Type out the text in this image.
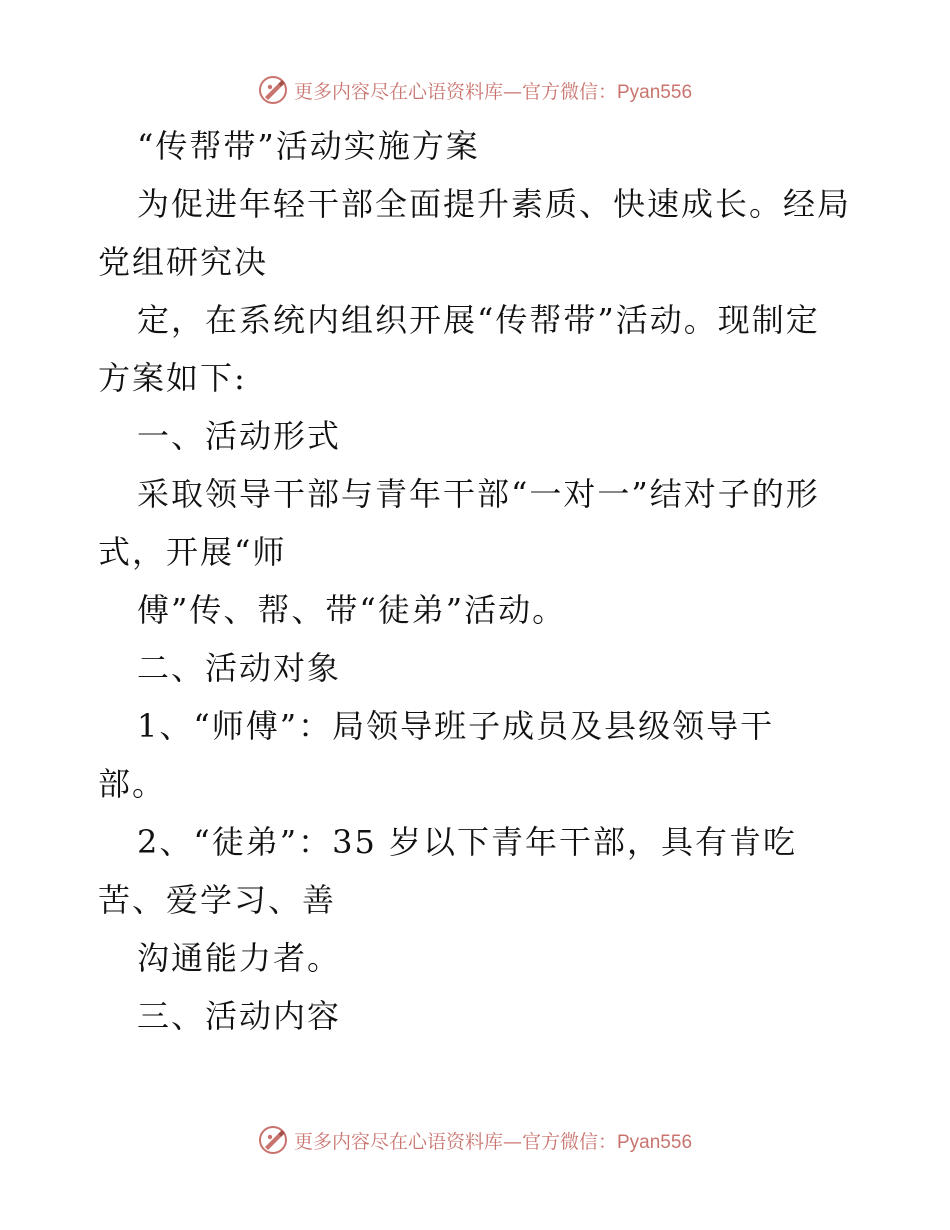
更多内容尽在心语资料库—官方微信：Pyan556
“传帮带”活动实施方案
为促进年轻干部全面提升素质、快速成长。经局
党组研究决
定，在系统内组织开展“传帮带”活动。现制定
方案如下:
一、活动形式
采取领导干部与青年干部“一对一”结对子的形
式，开展“师
傅”传、帮、带“徒弟”活动。
二、活动对象
1、“师傅”：局领导班子成员及县级领导干
部。
2、“徒弟”：35 岁以下青年干部，具有肯吃
苦、爱学习、善
沟通能力者。
三、活动内容
更多内容尽在心语资料库—官方微信：Pyan556
